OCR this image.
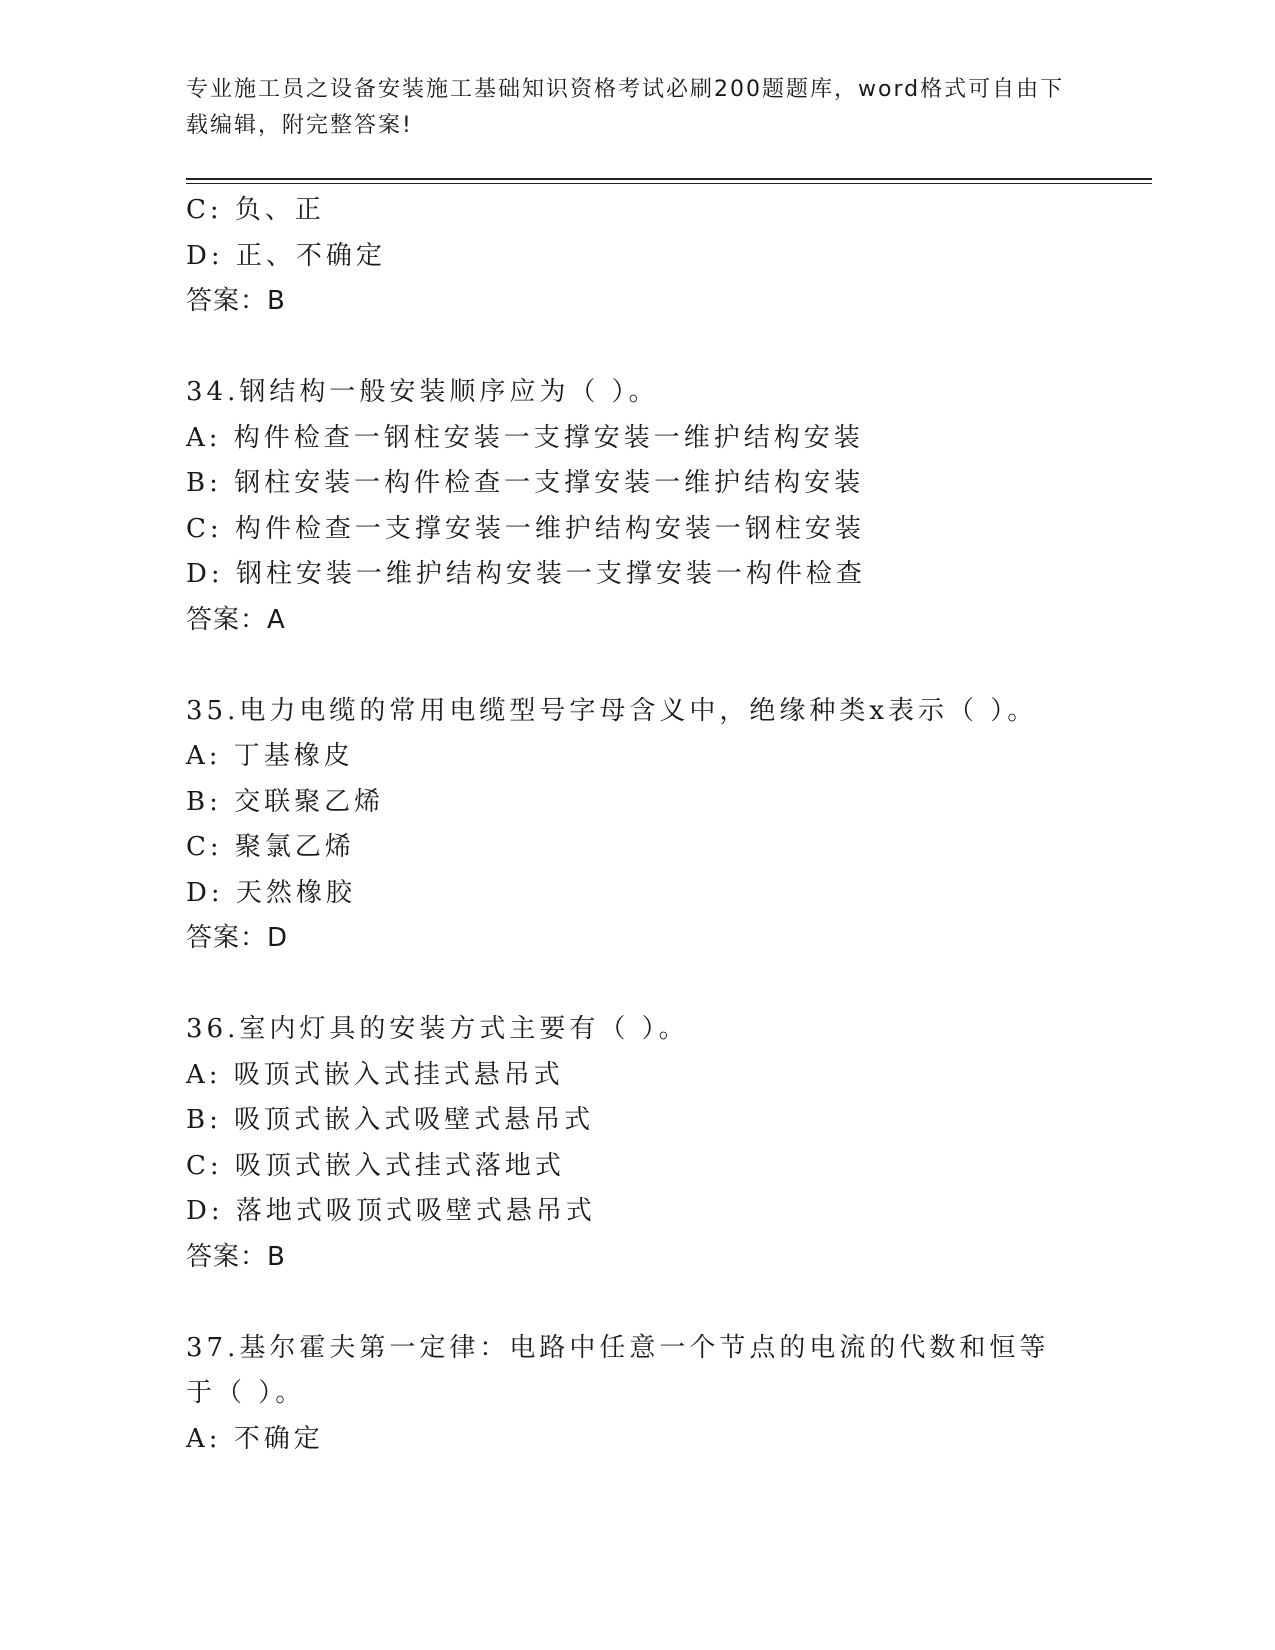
专业施工员之设备安装施工基础知识资格考试必刷200题题库，word格式可自由下载编辑，附完整答案!
C: 负、正
D: 正、不确定
答案：B
34.钢结构一般安装顺序应为（ ）。
A: 构件检查一钢柱安装一支撑安装一维护结构安装
B: 钢柱安装一构件检查一支撑安装一维护结构安装
C: 构件检查一支撑安装一维护结构安装一钢柱安装
D: 钢柱安装一维护结构安装一支撑安装一构件检查
答案：A
35.电力电缆的常用电缆型号字母含义中，绝缘种类x表示（ ）。
A: 丁基橡皮
B: 交联聚乙烯
C: 聚氯乙烯
D: 天然橡胶
答案：D
36.室内灯具的安装方式主要有（ ）。
A: 吸顶式嵌入式挂式悬吊式
B: 吸顶式嵌入式吸壁式悬吊式
C: 吸顶式嵌入式挂式落地式
D: 落地式吸顶式吸壁式悬吊式
答案：B
37.基尔霍夫第一定律：电路中任意一个节点的电流的代数和恒等于（ ）。
A: 不确定
